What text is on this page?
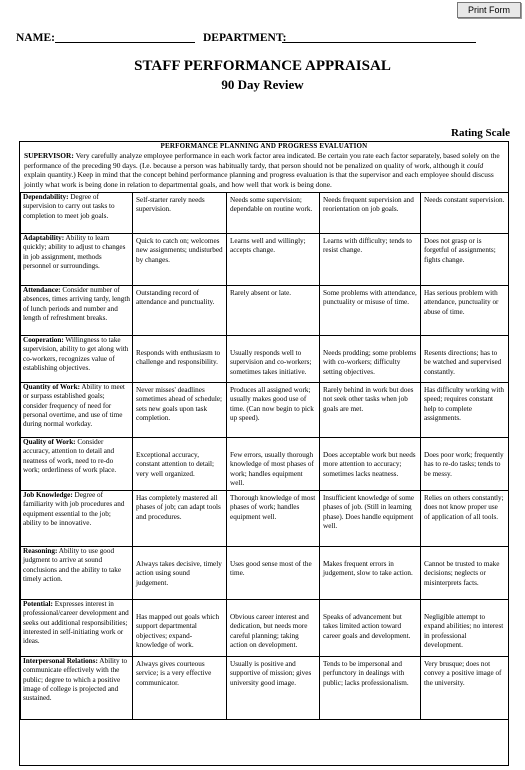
Print Form
NAME:	DEPARTMENT:
STAFF PERFORMANCE APPRAISAL
90 Day Review
Rating Scale
PERFORMANCE PLANNING AND PROGRESS EVALUATION
SUPERVISOR: Very carefully analyze employee performance in each work factor area indicated. Be certain you rate each factor separately, based solely on the performance of the preceding 90 days. (I.e. because a person was habitually tardy, that person should not be penalized on quality of work, although it could explain quantity.) Keep in mind that the concept behind performance planning and progress evaluation is that the supervisor and each employee should discuss jointly what work is being done in relation to departmental goals, and how well that work is being done.
Dependability: Degree of supervision to carry out tasks to completion to meet job goals.	Self-starter rarely needs supervision.	Needs some supervision; dependable on routine work.	Needs frequent supervision and reorientation on job goals.	Needs constant supervision.
Adaptability: Ability to learn quickly; ability to adjust to changes in job assignment, methods personnel or surroundings.	Quick to catch on; welcomes new assignments; undisturbed by changes.	Learns well and willingly; accepts change.	Learns with difficulty; tends to resist change.	Does not grasp or is forgetful of assignments; fights change.
Attendance: Consider number of absences, times arriving tardy, length of lunch periods and number and length of refreshment breaks.	Outstanding record of attendance and punctuality.	Rarely absent or late.	Some problems with attendance, punctuality or misuse of time.	Has serious problem with attendance, punctuality or abuse of time.
Cooperation: Willingness to take supervision, ability to get along with co-workers, recognizes value of establishing objectives.	Responds with enthusiasm to challenge and responsibility.	Usually responds well to supervision and co-workers; sometimes takes initiative.	Needs prodding; some problems with co-workers; difficulty setting objectives.	Resents directions; has to be watched and supervised constantly.
Quantity of Work: Ability to meet or surpass established goals; consider frequency of need for personal overtime, and use of time during normal workday.	Never misses' deadlines sometimes ahead of schedule; sets new goals upon task completion.	Produces all assigned work; usually makes good use of time. (Can now begin to pick up speed).	Rarely behind in work but does not seek other tasks when job goals are met.	Has difficulty working with speed; requires constant help to complete assignments.
Quality of Work: Consider accuracy, attention to detail and neatness of work, need to re-do work; orderliness of work place.	Exceptional accuracy, constant attention to detail; very well organized.	Few errors, usually thorough knowledge of most phases of work; handles equipment well.	Does acceptable work but needs more attention to accuracy; sometimes lacks neatness.	Does poor work; frequently has to re-do tasks; tends to be messy.
Job Knowledge: Degree of familiarity with job procedures and equipment essential to the job; ability to be innovative.	Has completely mastered all phases of job; can adapt tools and procedures.	Thorough knowledge of most phases of work; handles equipment well.	Insufficient knowledge of some phases of job. (Still in learning phase). Does handle equipment well.	Relies on others constantly; does not know proper use of application of all tools.
Reasoning: Ability to use good judgment to arrive at sound conclusions and the ability to take timely action.	Always takes decisive, timely action using sound judgement.	Uses good sense most of the time.	Makes frequent errors in judgement, slow to take action.	Cannot be trusted to make decisions; neglects or misinterprets facts.
Potential: Expresses interest in professional/career development and seeks out additional responsibilities; interested in self-initiating work or ideas.	Has mapped out goals which support departmental objectives; expand-knowledge of work.	Obvious career interest and dedication, but needs more careful planning; taking action on development.	Speaks of advancement but takes limited action toward career goals and development.	Negligible attempt to expand abilities; no interest in professional development.
Interpersonal Relations: Ability to communicate effectively with the public; degree to which a positive image of college is projected and sustained.	Always gives courteous service; is a very effective communicator.	Usually is positive and supportive of mission; gives university good image.	Tends to be impersonal and perfunctory in dealings with public; lacks professionalism.	Very brusque; does not convey a positive image of the university.
